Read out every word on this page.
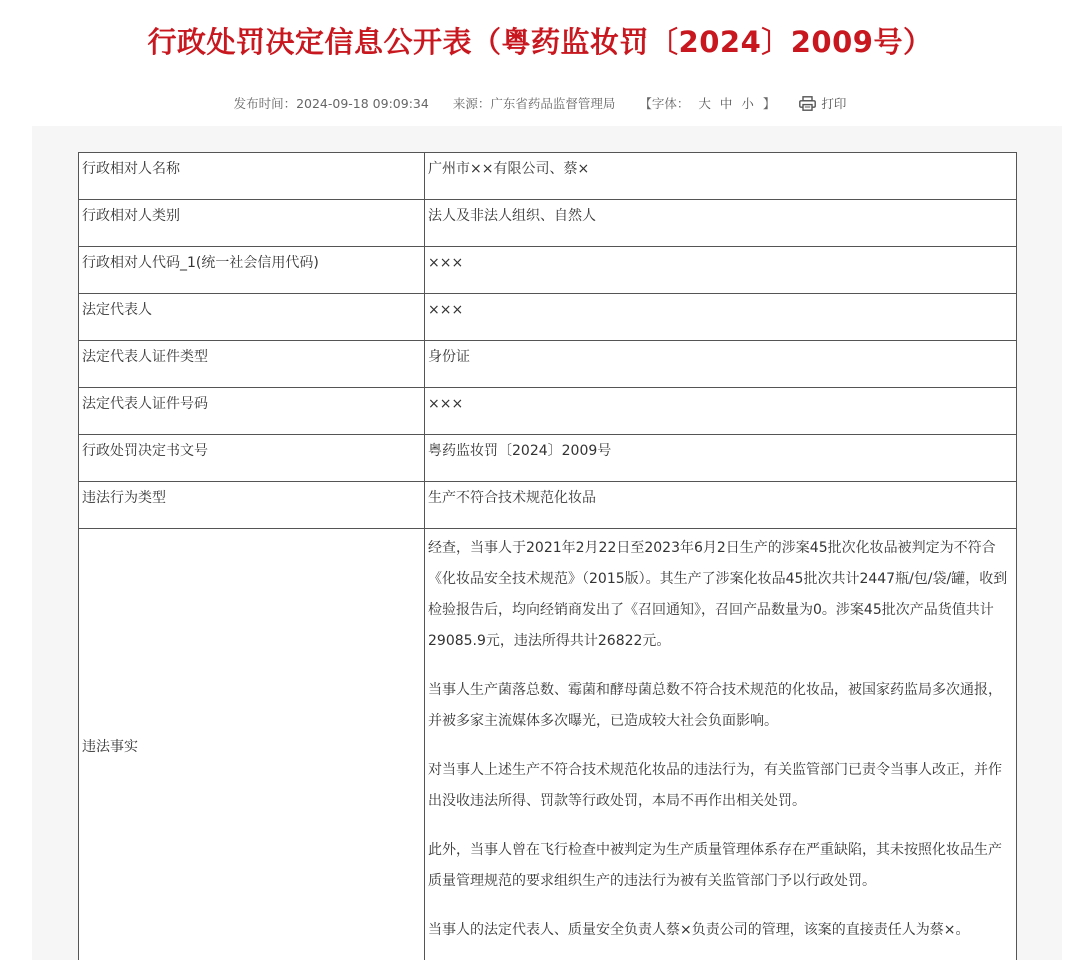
行政处罚决定信息公开表（粤药监妆罚〔2024〕2009号）
发布时间：2024-09-18 09:09:34 来源：广东省药品监督管理局 【字体： 大 中 小 】	打印
行政相对人名称	广州市××有限公司、蔡×
行政相对人类别	法人及非法人组织、自然人
行政相对人代码_1(统一社会信用代码)	×××
法定代表人	×××
法定代表人证件类型	身份证
法定代表人证件号码	×××
行政处罚决定书文号	粤药监妆罚〔2024〕2009号
违法行为类型	生产不符合技术规范化妆品
违法事实	经查，当事人于2021年2月22日至2023年6月2日生产的涉案45批次化妆品被判定为不符合《化妆品安全技术规范》（2015版）。其生产了涉案化妆品45批次共计2447瓶/包/袋/罐，收到检验报告后，均向经销商发出了《召回通知》，召回产品数量为0。涉案45批次产品货值共计29085.9元，违法所得共计26822元。

当事人生产菌落总数、霉菌和酵母菌总数不符合技术规范的化妆品，被国家药监局多次通报，并被多家主流媒体多次曝光，已造成较大社会负面影响。

对当事人上述生产不符合技术规范化妆品的违法行为，有关监管部门已责令当事人改正，并作出没收违法所得、罚款等行政处罚，本局不再作出相关处罚。

此外，当事人曾在飞行检查中被判定为生产质量管理体系存在严重缺陷，其未按照化妆品生产质量管理规范的要求组织生产的违法行为被有关监管部门予以行政处罚。

当事人的法定代表人、质量安全负责人蔡×负责公司的管理，该案的直接责任人为蔡×。
